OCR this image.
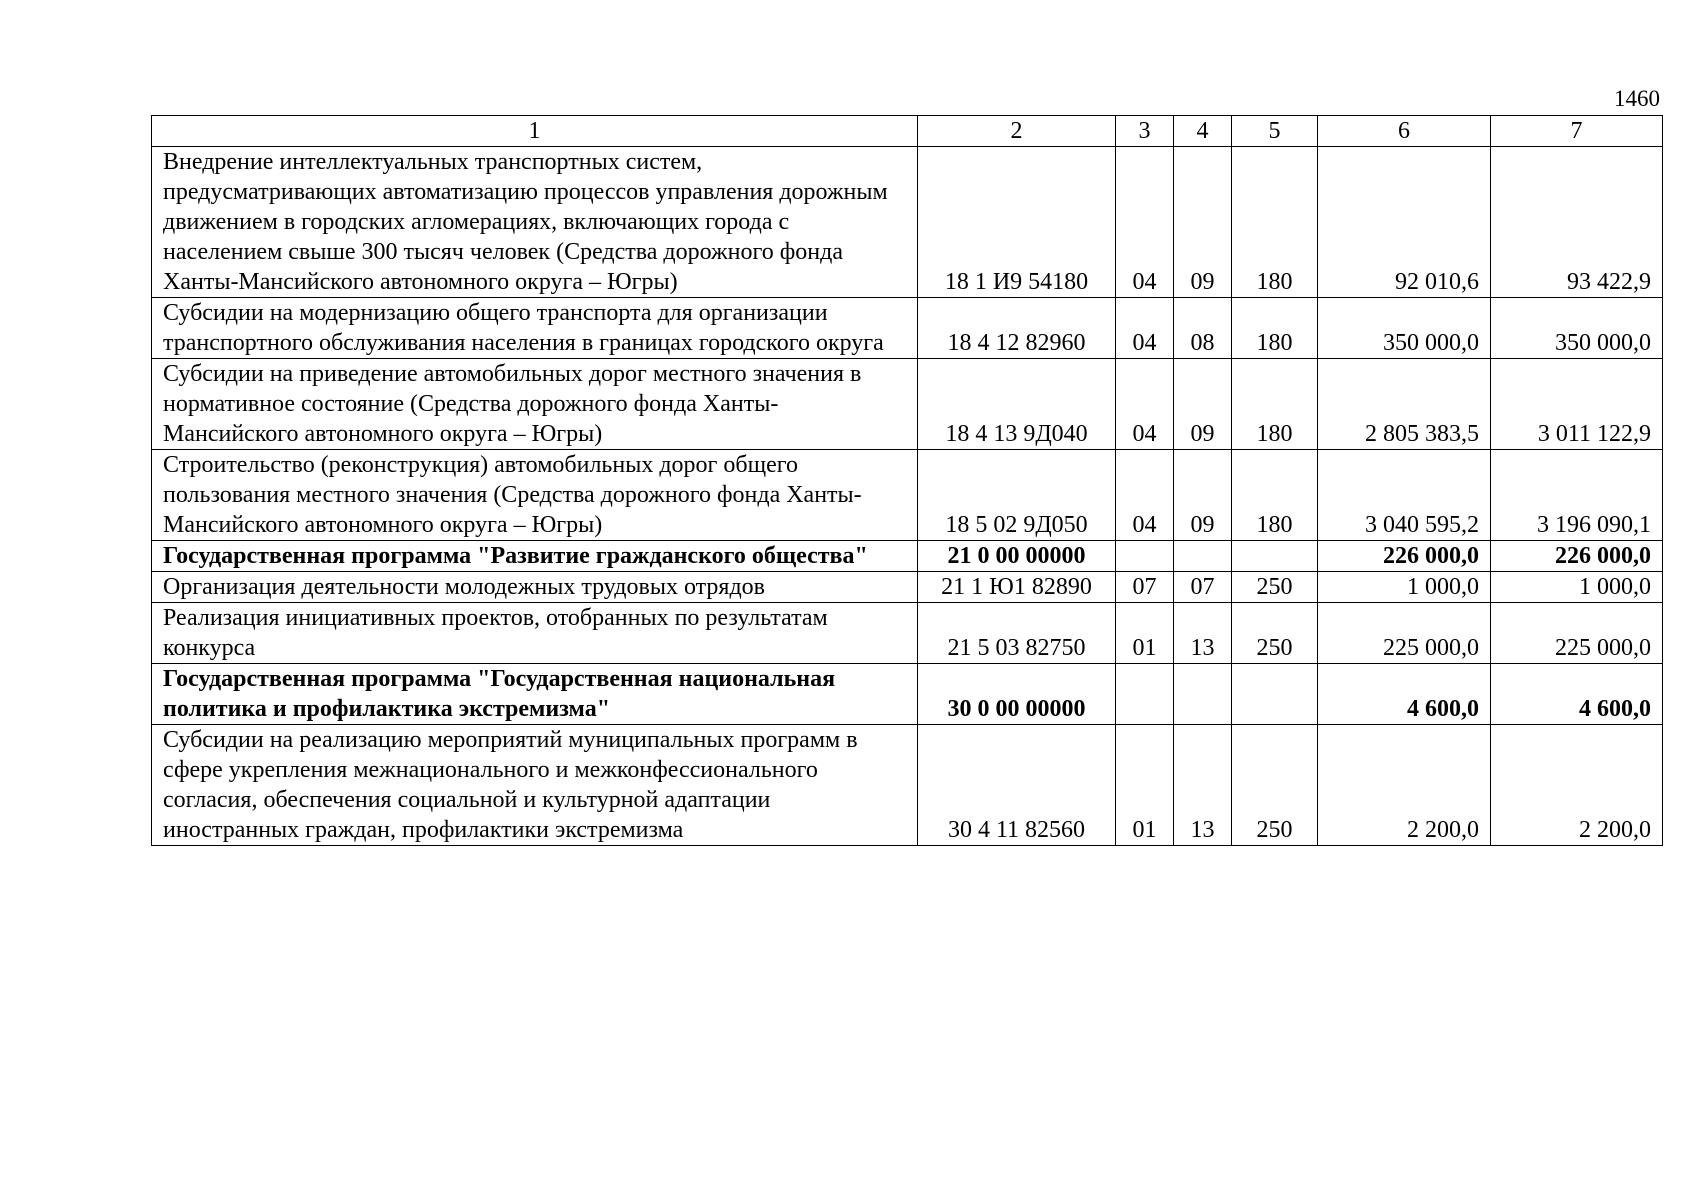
1460
1	2	3	4	5	6	7
Внедрение интеллектуальных транспортных систем, предусматривающих автоматизацию процессов управления дорожным движением в городских агломерациях, включающих города с населением свыше 300 тысяч человек (Средства дорожного фонда Ханты-Мансийского автономного округа – Югры)	18 1 И9 54180	04	09	180	92 010,6	93 422,9
Субсидии на модернизацию общего транспорта для организации транспортного обслуживания населения в границах городского округа	18 4 12 82960	04	08	180	350 000,0	350 000,0
Субсидии на приведение автомобильных дорог местного значения в нормативное состояние (Средства дорожного фонда Ханты-Мансийского автономного округа – Югры)	18 4 13 9Д040	04	09	180	2 805 383,5	3 011 122,9
Строительство (реконструкция) автомобильных дорог общего пользования местного значения (Средства дорожного фонда Ханты-Мансийского автономного округа – Югры)	18 5 02 9Д050	04	09	180	3 040 595,2	3 196 090,1
Государственная программа "Развитие гражданского общества"	21 0 00 00000				226 000,0	226 000,0
Организация деятельности молодежных трудовых отрядов	21 1 Ю1 82890	07	07	250	1 000,0	1 000,0
Реализация инициативных проектов, отобранных по результатам конкурса	21 5 03 82750	01	13	250	225 000,0	225 000,0
Государственная программа "Государственная национальная политика и профилактика экстремизма"	30 0 00 00000				4 600,0	4 600,0
Субсидии на реализацию мероприятий муниципальных программ в сфере укрепления межнационального и межконфессионального согласия, обеспечения социальной и культурной адаптации иностранных граждан, профилактики экстремизма	30 4 11 82560	01	13	250	2 200,0	2 200,0
